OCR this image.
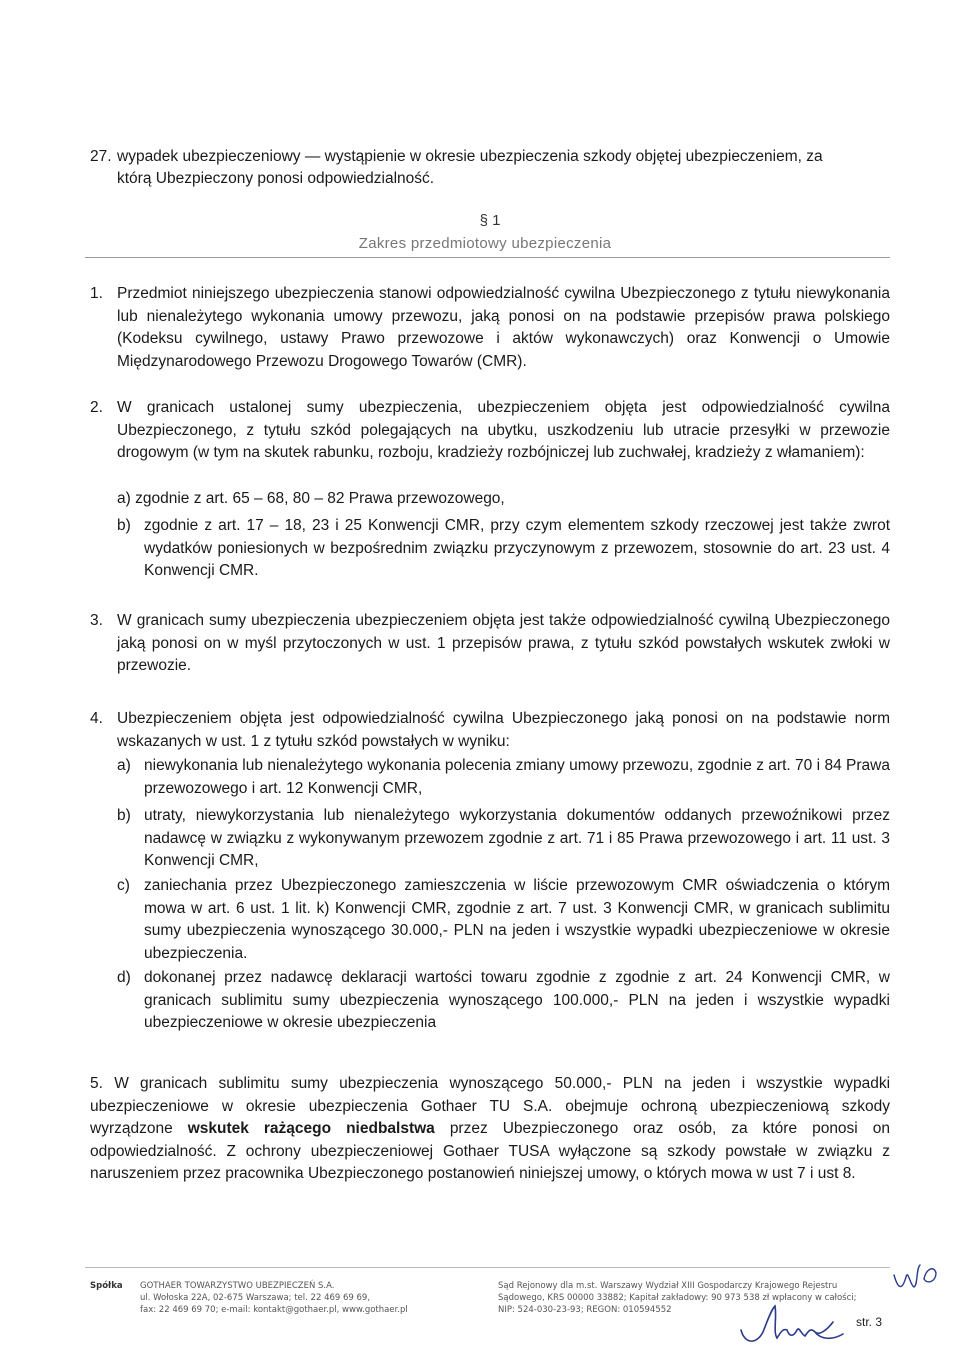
27. wypadek ubezpieczeniowy — wystąpienie w okresie ubezpieczenia szkody objętej ubezpieczeniem, za
którą Ubezpieczony ponosi odpowiedzialność.
§ 1
Zakres przedmiotowy ubezpieczenia
1. Przedmiot niniejszego ubezpieczenia stanowi odpowiedzialność cywilna Ubezpieczonego z tytułu niewykonania lub nienależytego wykonania umowy przewozu, jaką ponosi on na podstawie przepisów prawa polskiego (Kodeksu cywilnego, ustawy Prawo przewozowe i aktów wykonawczych) oraz Konwencji o Umowie Międzynarodowego Przewozu Drogowego Towarów (CMR).
2. W granicach ustalonej sumy ubezpieczenia, ubezpieczeniem objęta jest odpowiedzialność cywilna Ubezpieczonego, z tytułu szkód polegających na ubytku, uszkodzeniu lub utracie przesyłki w przewozie drogowym (w tym na skutek rabunku, rozboju, kradzieży rozbójniczej lub zuchwałej, kradzieży z włamaniem):
a) zgodnie z art. 65 – 68, 80 – 82 Prawa przewozowego,
b) zgodnie z art. 17 – 18, 23 i 25 Konwencji CMR, przy czym elementem szkody rzeczowej jest także zwrot wydatków poniesionych w bezpośrednim związku przyczynowym z przewozem, stosownie do art. 23 ust. 4 Konwencji CMR.
3. W granicach sumy ubezpieczenia ubezpieczeniem objęta jest także odpowiedzialność cywilną Ubezpieczonego jaką ponosi on w myśl przytoczonych w ust. 1 przepisów prawa, z tytułu szkód powstałych wskutek zwłoki w przewozie.
4. Ubezpieczeniem objęta jest odpowiedzialność cywilna Ubezpieczonego jaką ponosi on na podstawie norm wskazanych w ust. 1 z tytułu szkód powstałych w wyniku:
a) niewykonania lub nienależytego wykonania polecenia zmiany umowy przewozu, zgodnie z art. 70 i 84 Prawa przewozowego i art. 12 Konwencji CMR,
b) utraty, niewykorzystania lub nienależytego wykorzystania dokumentów oddanych przewoźnikowi przez nadawcę w związku z wykonywanym przewozem zgodnie z art. 71 i 85 Prawa przewozowego i art. 11 ust. 3 Konwencji CMR,
c) zaniechania przez Ubezpieczonego zamieszczenia w liście przewozowym CMR oświadczenia o którym mowa w art. 6 ust. 1 lit. k) Konwencji CMR, zgodnie z art. 7 ust. 3 Konwencji CMR, w granicach sublimitu sumy ubezpieczenia wynoszącego 30.000,- PLN na jeden i wszystkie wypadki ubezpieczeniowe w okresie ubezpieczenia.
d) dokonanej przez nadawcę deklaracji wartości towaru zgodnie z zgodnie z art. 24 Konwencji CMR, w granicach sublimitu sumy ubezpieczenia wynoszącego 100.000,- PLN na jeden i wszystkie wypadki ubezpieczeniowe w okresie ubezpieczenia
5. W granicach sublimitu sumy ubezpieczenia wynoszącego 50.000,- PLN na jeden i wszystkie wypadki ubezpieczeniowe w okresie ubezpieczenia Gothaer TU S.A. obejmuje ochroną ubezpieczeniową szkody wyrządzone wskutek rażącego niedbalstwa przez Ubezpieczonego oraz osób, za które ponosi on odpowiedzialność. Z ochrony ubezpieczeniowej Gothaer TUSA wyłączone są szkody powstałe w związku z naruszeniem przez pracownika Ubezpieczonego postanowień niniejszej umowy, o których mowa w ust 7 i ust 8.
Spółka GOTHAER TOWARZYSTWO UBEZPIECZEŃ S.A.
ul. Wołoska 22A, 02-675 Warszawa; tel. 22 469 69 69,
fax: 22 469 69 70; e-mail: kontakt@gothaer.pl, www.gothaer.pl
Sąd Rejonowy dla m.st. Warszawy Wydział XIII Gospodarczy Krajowego Rejestru
Sądowego, KRS 00000 33882; Kapitał zakładowy: 90 973 538 zł wpłacony w całości;
NIP: 524-030-23-93; REGON: 010594552
str. 3
